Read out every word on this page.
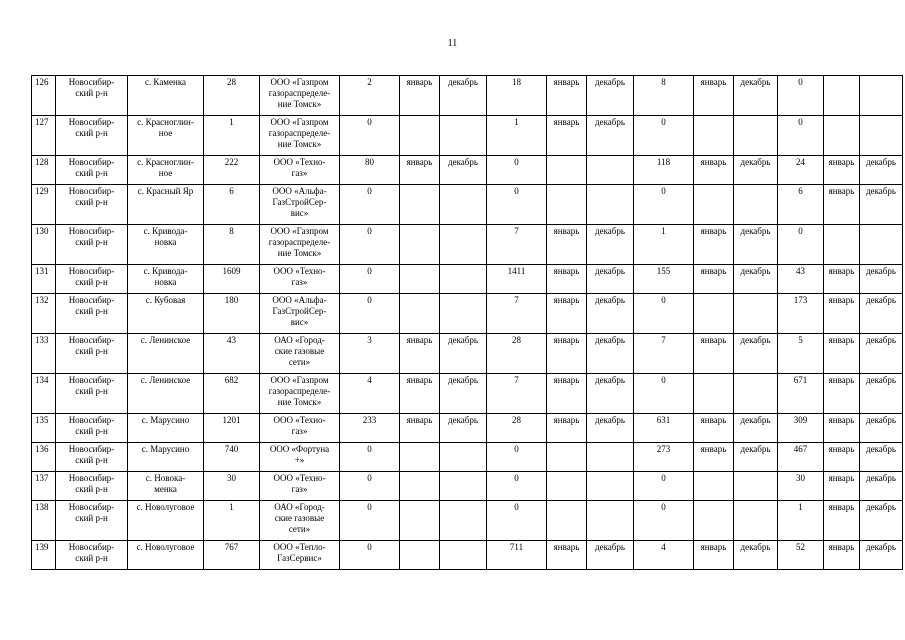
11
126	Новосибир-
ский р-н	с. Каменка	28	ООО «Газпром
газораспределе-
ние Томск»	2	январь	декабрь	18	январь	декабрь	8	январь	декабрь	0		
127	Новосибир-
ский р-н	с. Красноглин-
ное	1	ООО «Газпром
газораспределе-
ние Томск»	0			1	январь	декабрь	0			0		
128	Новосибир-
ский р-н	с. Красноглин-
ное	222	ООО «Техно-
газ»	80	январь	декабрь	0			118	январь	декабрь	24	январь	декабрь
129	Новосибир-
ский р-н	с. Красный Яр	6	ООО «Альфа-
ГазСтройСер-
вис»	0			0			0			6	январь	декабрь
130	Новосибир-
ский р-н	с. Кривода-
новка	8	ООО «Газпром
газораспределе-
ние Томск»	0			7	январь	декабрь	1	январь	декабрь	0		
131	Новосибир-
ский р-н	с. Кривода-
новка	1609	ООО «Техно-
газ»	0			1411	январь	декабрь	155	январь	декабрь	43	январь	декабрь
132	Новосибир-
ский р-н	с. Кубовая	180	ООО «Альфа-
ГазСтройСер-
вис»	0			7	январь	декабрь	0			173	январь	декабрь
133	Новосибир-
ский р-н	с. Ленинское	43	ОАО «Город-
ские газовые
сети»	3	январь	декабрь	28	январь	декабрь	7	январь	декабрь	5	январь	декабрь
134	Новосибир-
ский р-н	с. Ленинское	682	ООО «Газпром
газораспределе-
ние Томск»	4	январь	декабрь	7	январь	декабрь	0			671	январь	декабрь
135	Новосибир-
ский р-н	с. Марусино	1201	ООО «Техно-
газ»	233	январь	декабрь	28	январь	декабрь	631	январь	декабрь	309	январь	декабрь
136	Новосибир-
ский р-н	с. Марусино	740	ООО «Фортуна
+»	0			0			273	январь	декабрь	467	январь	декабрь
137	Новосибир-
ский р-н	с. Новока-
менка	30	ООО «Техно-
газ»	0			0			0			30	январь	декабрь
138	Новосибир-
ский р-н	с. Новолуговое	1	ОАО «Город-
ские газовые
сети»	0			0			0			1	январь	декабрь
139	Новосибир-
ский р-н	с. Новолуговое	767	ООО «Тепло-
ГазСервис»	0			711	январь	декабрь	4	январь	декабрь	52	январь	декабрь
